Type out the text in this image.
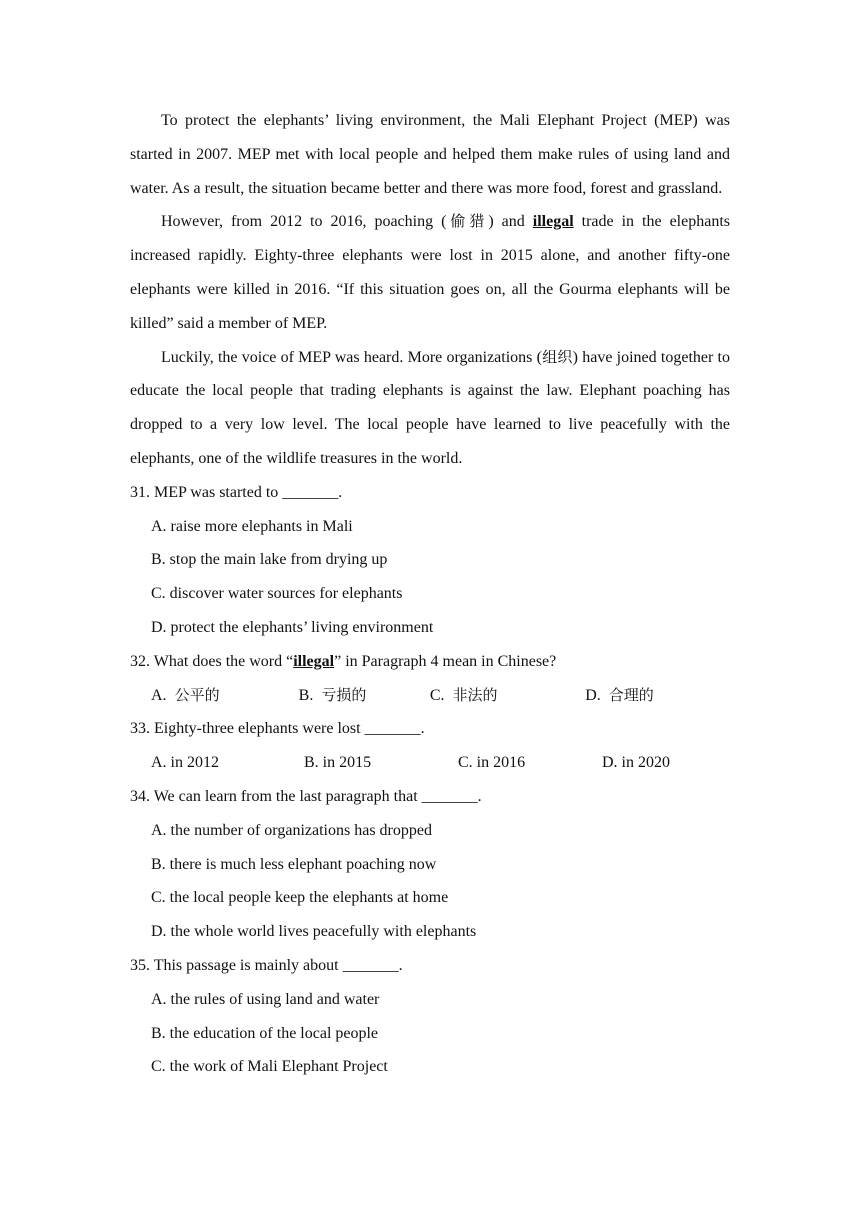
To protect the elephants’ living environment, the Mali Elephant Project (MEP) was started in 2007. MEP met with local people and helped them make rules of using land and water. As a result, the situation became better and there was more food, forest and grassland.

However, from 2012 to 2016, poaching (偷猎) and illegal trade in the elephants increased rapidly. Eighty-three elephants were lost in 2015 alone, and another fifty-one elephants were killed in 2016. “If this situation goes on, all the Gourma elephants will be killed” said a member of MEP.

Luckily, the voice of MEP was heard. More organizations (组织) have joined together to educate the local people that trading elephants is against the law. Elephant poaching has dropped to a very low level. The local people have learned to live peacefully with the elephants, one of the wildlife treasures in the world.

31. MEP was started to _______.

A. raise more elephants in Mali

B. stop the main lake from drying up

C. discover water sources for elephants

D. protect the elephants’ living environment

32. What does the word “illegal” in Paragraph 4 mean in Chinese?

A.  公平的	B.  亏损的	C.  非法的	D.  合理的

33. Eighty-three elephants were lost _______.

A. in 2012	B. in 2015	C. in 2016	D. in 2020

34. We can learn from the last paragraph that _______.

A. the number of organizations has dropped

B. there is much less elephant poaching now

C. the local people keep the elephants at home

D. the whole world lives peacefully with elephants

35. This passage is mainly about _______.

A. the rules of using land and water

B. the education of the local people

C. the work of Mali Elephant Project
